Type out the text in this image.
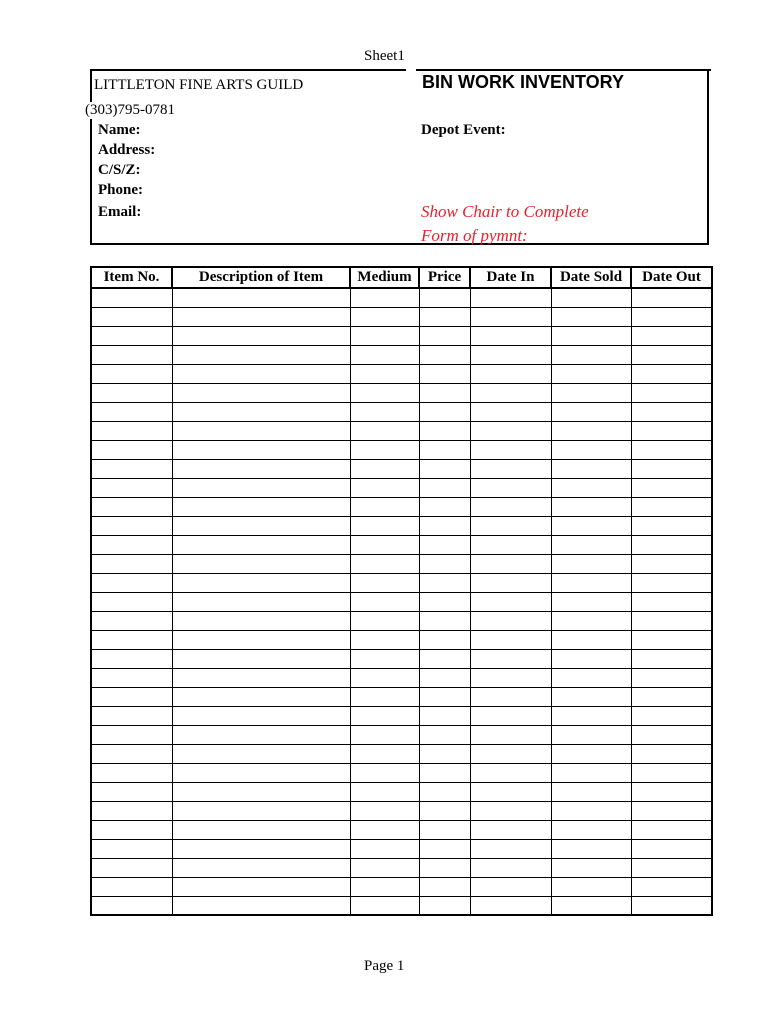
Sheet1
LITTLETON FINE ARTS GUILD	BIN WORK INVENTORY
(303)795-0781
Name:
Address:
C/S/Z:
Phone:
Email:
Depot Event:
Show Chair to Complete
Form of pymnt:
Item No.	Description of Item	Medium	Price	Date In	Date Sold	Date Out

Page 1
